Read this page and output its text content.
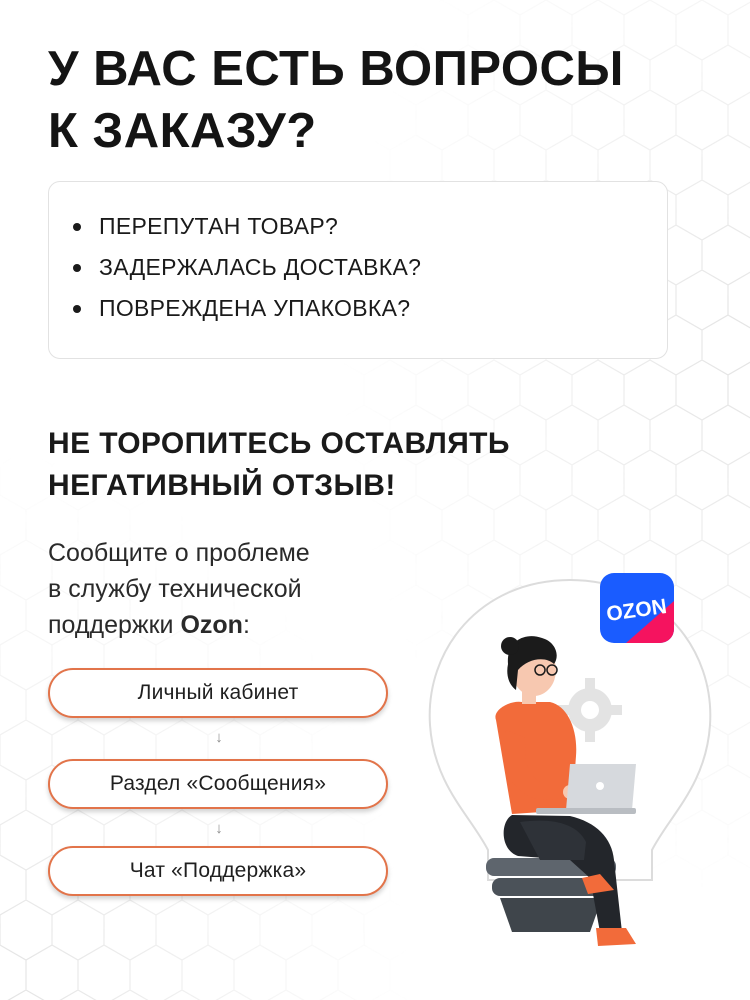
У ВАС ЕСТЬ ВОПРОСЫ
К ЗАКАЗУ?
ПЕРЕПУТАН ТОВАР?
ЗАДЕРЖАЛАСЬ ДОСТАВКА?
ПОВРЕЖДЕНА УПАКОВКА?
НЕ ТОРОПИТЕСЬ ОСТАВЛЯТЬ
НЕГАТИВНЫЙ ОТЗЫВ!

Сообщите о проблеме
в службу технической
поддержки Ozon:

Личный кабинет
↓
Раздел «Сообщения»
↓
Чат «Поддержка»
OZON
